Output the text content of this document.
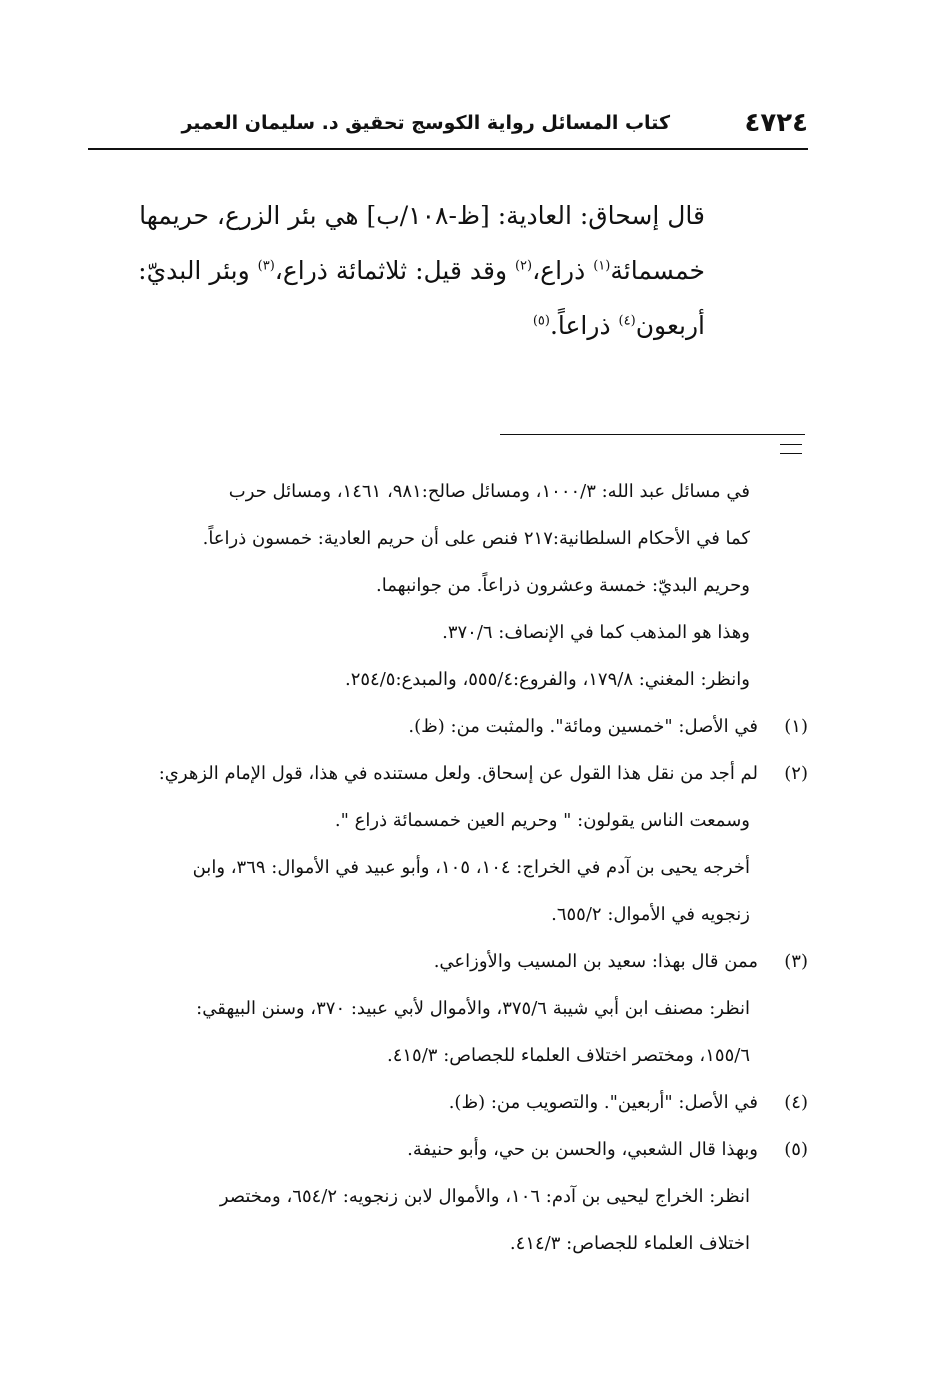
٤٧٢٤
كتاب المسائل رواية الكوسج تحقيق د. سليمان العمير
قال إسحاق: العادية: [ظ-١٠٨/ب] هي بئر الزرع، حريمها
خمسمائة$^{(١)}$ ذراع،$^{(٢)}$ وقد قيل: ثلاثمائة ذراع،$^{(٣)}$ وبئر البديّ:
أربعون$^{(٤)}$ ذراعاً.$^{(٥)}$
في مسائل عبد الله: ١٠٠٠/٣، ومسائل صالح:٩٨١، ١٤٦١، ومسائل حرب
كما في الأحكام السلطانية:٢١٧ فنص على أن حريم العادية: خمسون ذراعاً.
وحريم البديّ: خمسة وعشرون ذراعاً. من جوانبهما.
وهذا هو المذهب كما في الإنصاف: ٣٧٠/٦.
وانظر: المغني: ١٧٩/٨، والفروع:٥٥٥/٤، والمبدع:٢٥٤/٥.
(١)في الأصل: "خمسين ومائة". والمثبت من: (ظ).
(٢)لم أجد من نقل هذا القول عن إسحاق. ولعل مستنده في هذا، قول الإمام الزهري:
وسمعت الناس يقولون: " وحريم العين خمسمائة ذراع ".
أخرجه يحيى بن آدم في الخراج: ١٠٤، ١٠٥، وأبو عبيد في الأموال: ٣٦٩، وابن
زنجويه في الأموال: ٦٥٥/٢.
(٣)ممن قال بهذا: سعيد بن المسيب والأوزاعي.
انظر: مصنف ابن أبي شيبة ٣٧٥/٦، والأموال لأبي عبيد: ٣٧٠، وسنن البيهقي:
١٥٥/٦، ومختصر اختلاف العلماء للجصاص: ٤١٥/٣.
(٤)في الأصل: "أربعين". والتصويب من: (ظ).
(٥)وبهذا قال الشعبي، والحسن بن حي، وأبو حنيفة.
انظر: الخراج ليحيى بن آدم: ١٠٦، والأموال لابن زنجويه: ٦٥٤/٢، ومختصر
اختلاف العلماء للجصاص: ٤١٤/٣.
